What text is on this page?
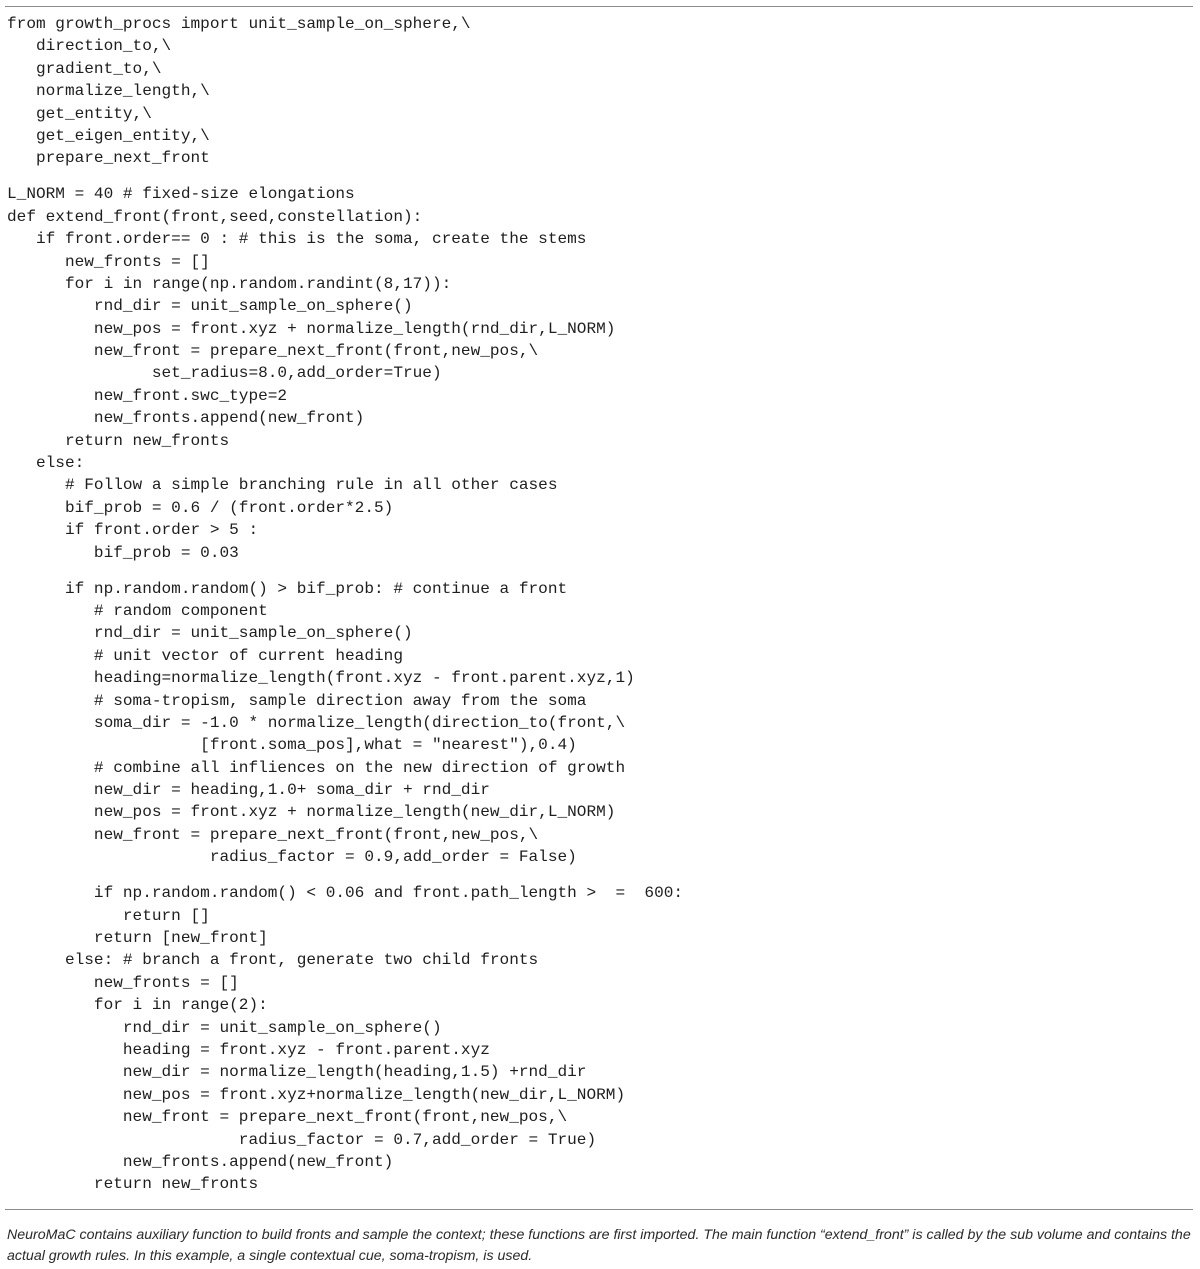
from growth_procs import unit_sample_on_sphere,\
direction_to,\
gradient_to,\
normalize_length,\
get_entity,\
get_eigen_entity,\
prepare_next_front
L_NORM = 40 # fixed-size elongations
def extend_front(front,seed,constellation):
if front.order== 0 : # this is the soma, create the stems
new_fronts = []
for i in range(np.random.randint(8,17)):
rnd_dir = unit_sample_on_sphere()
new_pos = front.xyz + normalize_length(rnd_dir,L_NORM)
new_front = prepare_next_front(front,new_pos,\
set_radius=8.0,add_order=True)
new_front.swc_type=2
new_fronts.append(new_front)
return new_fronts
else:
# Follow a simple branching rule in all other cases
bif_prob = 0.6 / (front.order*2.5)
if front.order > 5 :
bif_prob = 0.03
if np.random.random() > bif_prob: # continue a front
# random component
rnd_dir = unit_sample_on_sphere()
# unit vector of current heading
heading=normalize_length(front.xyz - front.parent.xyz,1)
# soma-tropism, sample direction away from the soma
soma_dir = -1.0 * normalize_length(direction_to(front,\
[front.soma_pos],what = "nearest"),0.4)
# combine all infliences on the new direction of growth
new_dir = heading,1.0+ soma_dir + rnd_dir
new_pos = front.xyz + normalize_length(new_dir,L_NORM)
new_front = prepare_next_front(front,new_pos,\
radius_factor = 0.9,add_order = False)
if np.random.random() < 0.06 and front.path_length >  =  600:
return []
return [new_front]
else: # branch a front, generate two child fronts
new_fronts = []
for i in range(2):
rnd_dir = unit_sample_on_sphere()
heading = front.xyz - front.parent.xyz
new_dir = normalize_length(heading,1.5) +rnd_dir
new_pos = front.xyz+normalize_length(new_dir,L_NORM)
new_front = prepare_next_front(front,new_pos,\
radius_factor = 0.7,add_order = True)
new_fronts.append(new_front)
return new_fronts

NeuroMaC contains auxiliary function to build fronts and sample the context; these functions are first imported. The main function “extend_front” is called by the sub volume and contains the actual growth rules. In this example, a single contextual cue, soma-tropism, is used.
